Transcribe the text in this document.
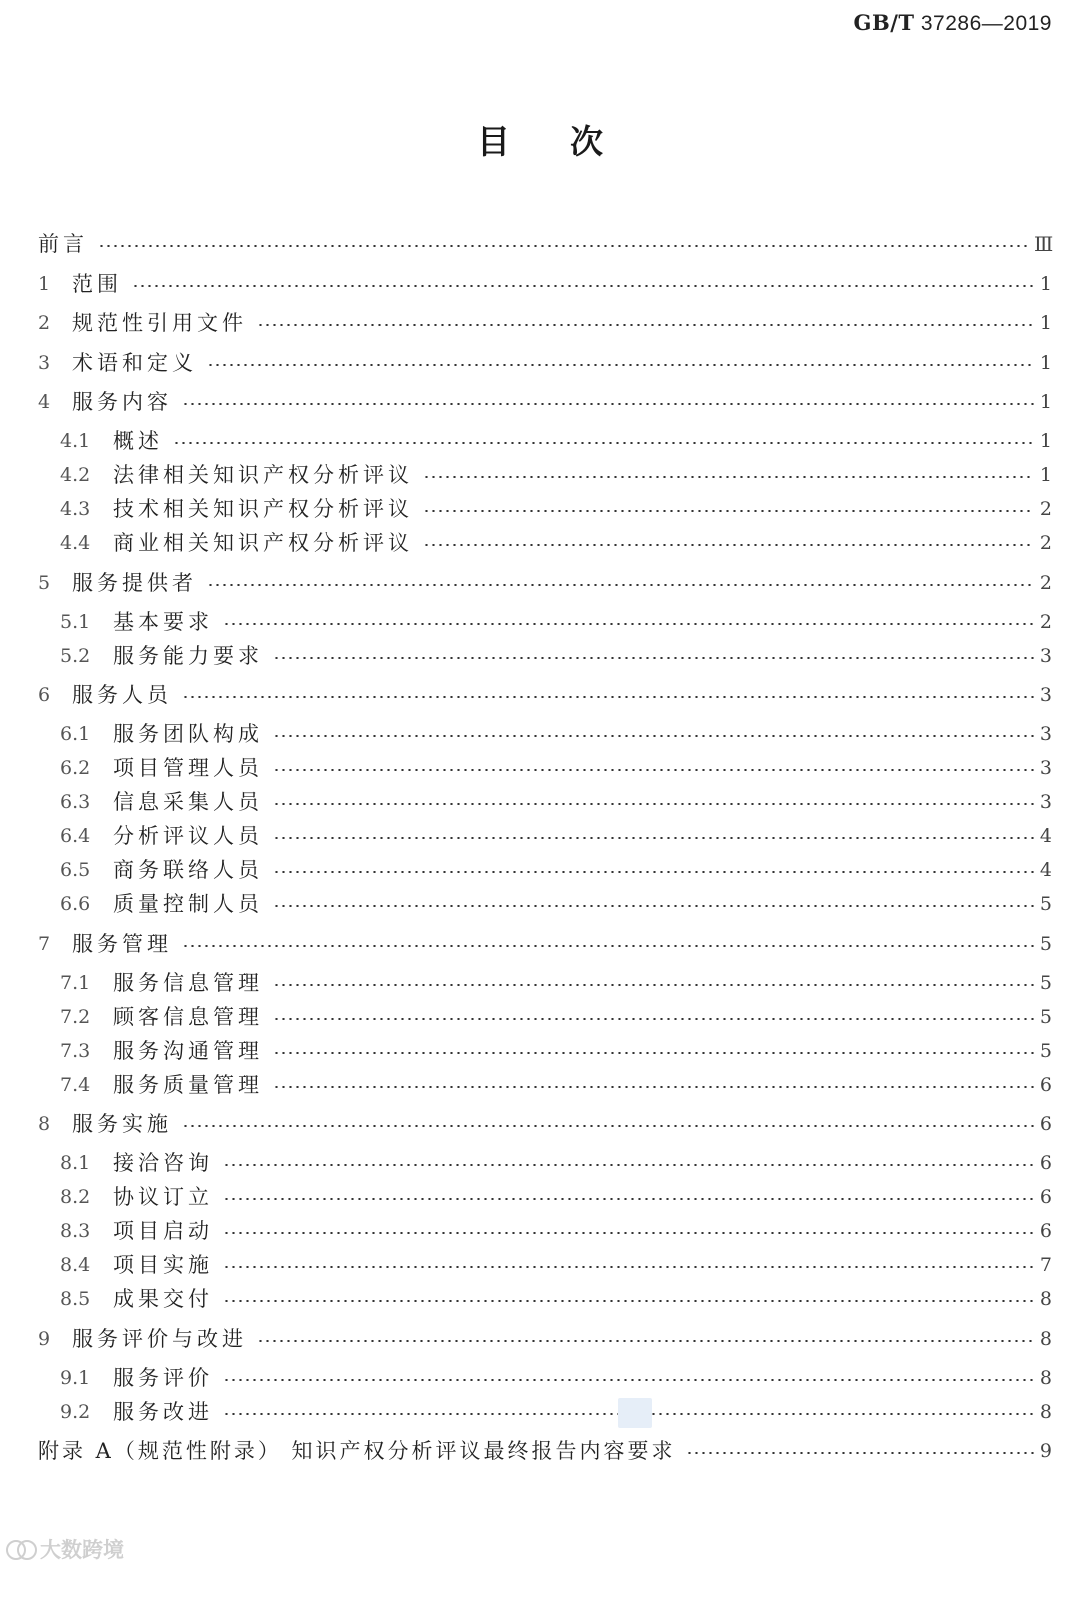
GB/T 37286—2019
目次
前言	Ⅲ
1	范围	1
2	规范性引用文件	1
3	术语和定义	1
4	服务内容	1
4.1	概述	1
4.2	法律相关知识产权分析评议	1
4.3	技术相关知识产权分析评议	2
4.4	商业相关知识产权分析评议	2
5	服务提供者	2
5.1	基本要求	2
5.2	服务能力要求	3
6	服务人员	3
6.1	服务团队构成	3
6.2	项目管理人员	3
6.3	信息采集人员	3
6.4	分析评议人员	4
6.5	商务联络人员	4
6.6	质量控制人员	5
7	服务管理	5
7.1	服务信息管理	5
7.2	顾客信息管理	5
7.3	服务沟通管理	5
7.4	服务质量管理	6
8	服务实施	6
8.1	接洽咨询	6
8.2	协议订立	6
8.3	项目启动	6
8.4	项目实施	7
8.5	成果交付	8
9	服务评价与改进	8
9.1	服务评价	8
9.2	服务改进	8
附录 A（规范性附录） 知识产权分析评议最终报告内容要求	9
大数跨境
